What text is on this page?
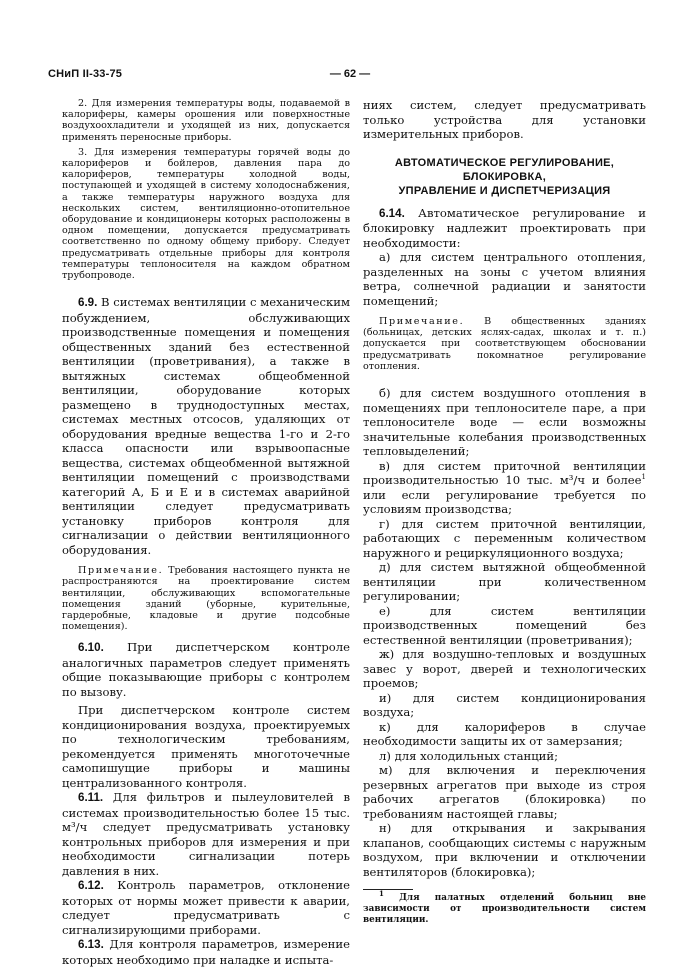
СНиП II-33-75	— 62 —

2. Для измерения температуры воды, подаваемой в калориферы, камеры орошения или поверхностные воздухоохладители и уходящей из них, допускается применять переносные приборы.

3. Для измерения температуры горячей воды до калориферов и бойлеров, давления пара до калориферов, температуры холодной воды, поступающей и уходящей в систему холодоснабжения, а также температуры наружного воздуха для нескольких систем, вентиляционно-отопительное оборудование и кондиционеры которых расположены в одном помещении, допускается предусматривать соответственно по одному общему прибору. Следует предусматривать отдельные приборы для контроля температуры теплоносителя на каждом обратном трубопроводе.

6.9. В системах вентиляции с механическим побуждением, обслуживающих производственные помещения и помещения общественных зданий без естественной вентиляции (проветривания), а также в вытяжных системах общеобменной вентиляции, оборудование которых размещено в труднодоступных местах, системах местных отсосов, удаляющих от оборудования вредные вещества 1-го и 2-го класса опасности или взрывоопасные вещества, системах общеобменной вытяжной вентиляции помещений с производствами категорий А, Б и Е и в системах аварийной вентиляции следует предусматривать установку приборов контроля для сигнализации о действии вентиляционного оборудования.

Примечание. Требования настоящего пункта не распространяются на проектирование систем вентиляции, обслуживающих вспомогательные помещения зданий (уборные, курительные, гардеробные, кладовые и другие подсобные помещения).

6.10. При диспетчерском контроле аналогичных параметров следует применять общие показывающие приборы с контролем по вызову.

При диспетчерском контроле систем кондиционирования воздуха, проектируемых по технологическим требованиям, рекомендуется применять многоточечные самопишущие приборы и машины централизованного контроля.

6.11. Для фильтров и пылеуловителей в системах производительностью более 15 тыс. м³/ч следует предусматривать установку контрольных приборов для измерения и при необходимости сигнализации потерь давления в них.

6.12. Контроль параметров, отклонение которых от нормы может привести к аварии, следует предусматривать с сигнализирующими приборами.

6.13. Для контроля параметров, измерение которых необходимо при наладке и испыта-

ниях систем, следует предусматривать только устройства для установки измерительных приборов.

АВТОМАТИЧЕСКОЕ РЕГУЛИРОВАНИЕ,
БЛОКИРОВКА,
УПРАВЛЕНИЕ И ДИСПЕТЧЕРИЗАЦИЯ

6.14. Автоматическое регулирование и блокировку надлежит проектировать при необходимости:

а) для систем центрального отопления, разделенных на зоны с учетом влияния ветра, солнечной радиации и занятости помещений;

Примечание. В общественных зданиях (больницах, детских яслях-садах, школах и т. п.) допускается при соответствующем обосновании предусматривать покомнатное регулирование отопления.

б) для систем воздушного отопления в помещениях при теплоносителе паре, а при теплоносителе воде — если возможны значительные колебания производственных тепловыделений;

в) для систем приточной вентиляции производительностью 10 тыс. м³/ч и более$^1$ или если регулирование требуется по условиям производства;

г) для систем приточной вентиляции, работающих с переменным количеством наружного и рециркуляционного воздуха;

д) для систем вытяжной общеобменной вентиляции при количественном регулировании;

е) для систем вентиляции производственных помещений без естественной вентиляции (проветривания);

ж) для воздушно-тепловых и воздушных завес у ворот, дверей и технологических проемов;

и) для систем кондиционирования воздуха;

к) для калориферов в случае необходимости защиты их от замерзания;

л) для холодильных станций;

м) для включения и переключения резервных агрегатов при выходе из строя рабочих агрегатов (блокировка) по требованиям настоящей главы;

н) для открывания и закрывания клапанов, сообщающих системы с наружным воздухом, при включении и отключении вентиляторов (блокировка);

$^1$ Для палатных отделений больниц вне зависимости от производительности систем вентиляции.
